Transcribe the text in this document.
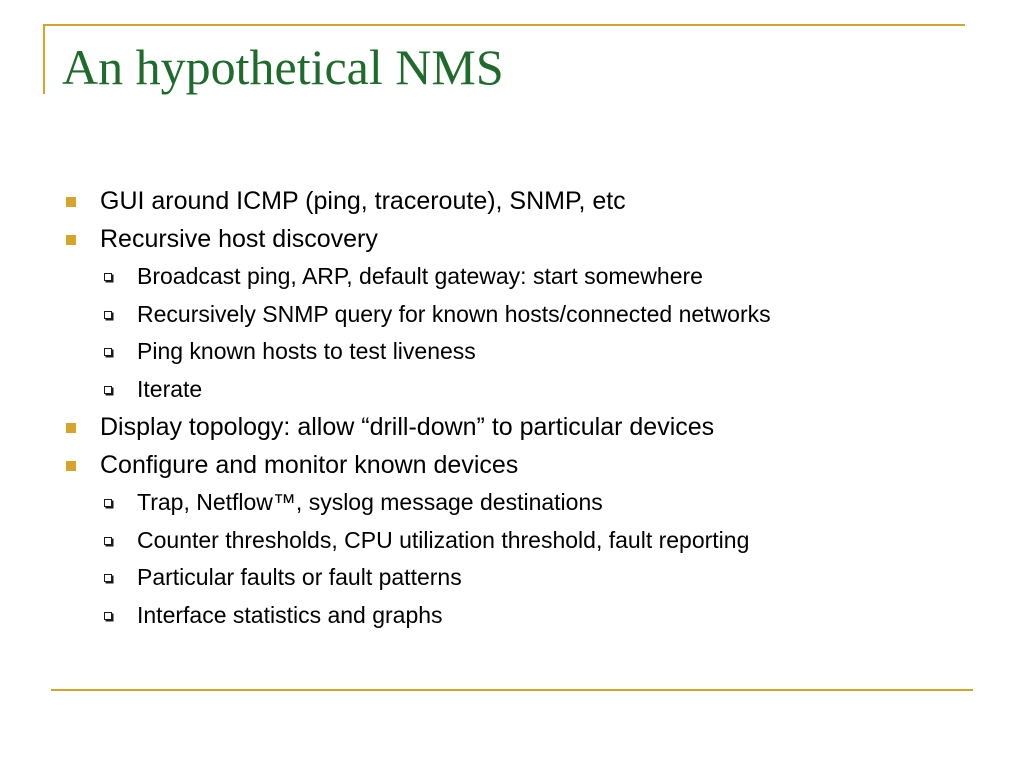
An hypothetical NMS
GUI around ICMP (ping, traceroute), SNMP, etc
Recursive host discovery
Broadcast ping, ARP, default gateway: start somewhere
Recursively SNMP query for known hosts/connected networks
Ping known hosts to test liveness
Iterate
Display topology: allow “drill-down” to particular devices
Configure and monitor known devices
Trap, Netflow™, syslog message destinations
Counter thresholds, CPU utilization threshold, fault reporting
Particular faults or fault patterns
Interface statistics and graphs
